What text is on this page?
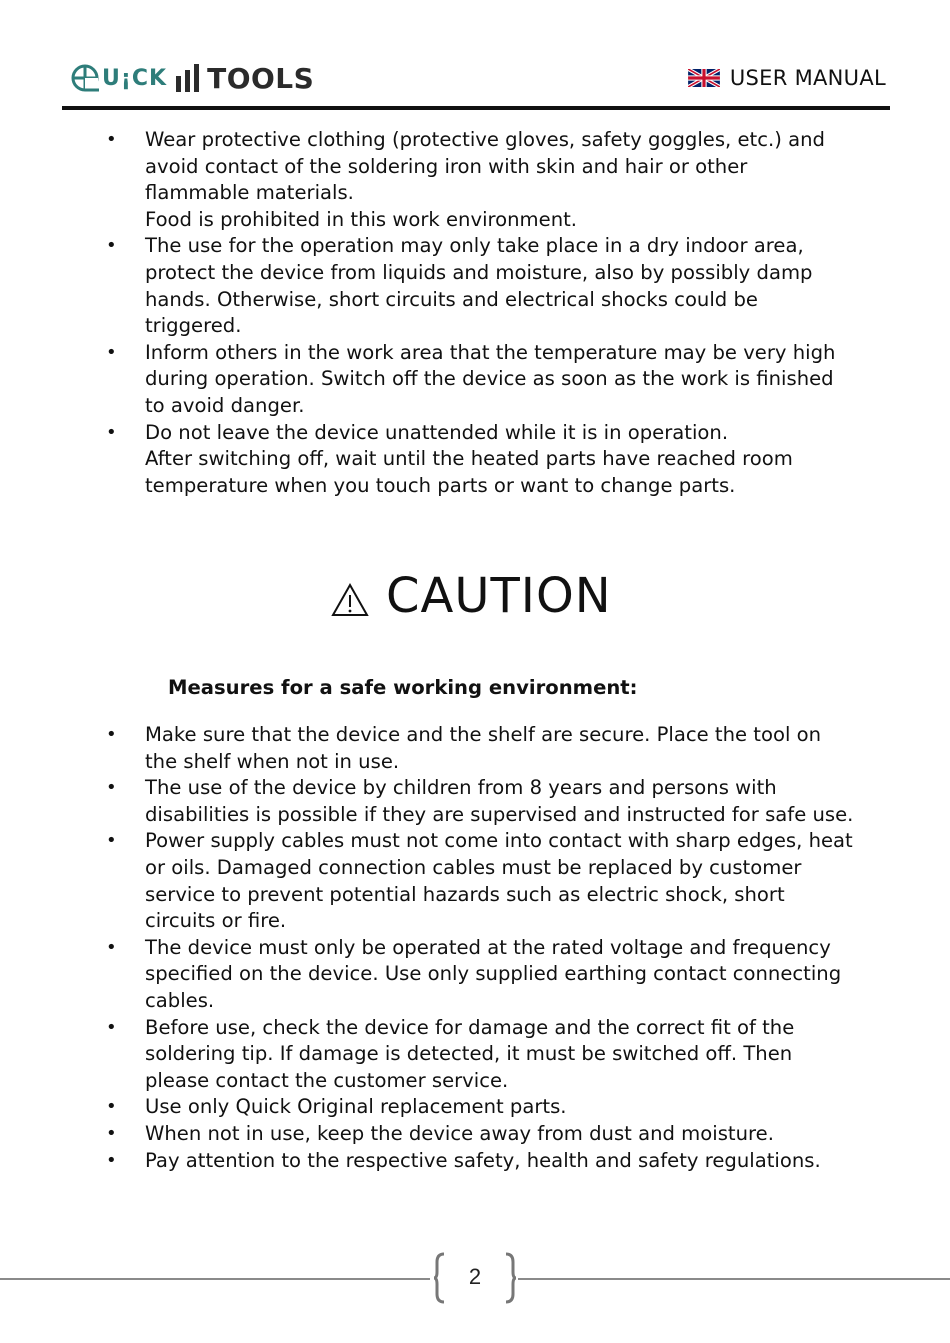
U¡CK TOOLS	USER MANUAL
• Wear protective clothing (protective gloves, safety goggles, etc.) and
avoid contact of the soldering iron with skin and hair or other
flammable materials.
Food is prohibited in this work environment.
• The use for the operation may only take place in a dry indoor area,
protect the device from liquids and moisture, also by possibly damp
hands. Otherwise, short circuits and electrical shocks could be
triggered.
• Inform others in the work area that the temperature may be very high
during operation. Switch off the device as soon as the work is finished
to avoid danger.
• Do not leave the device unattended while it is in operation.
After switching off, wait until the heated parts have reached room
temperature when you touch parts or want to change parts.
CAUTION
Measures for a safe working environment:
• Make sure that the device and the shelf are secure. Place the tool on
the shelf when not in use.
• The use of the device by children from 8 years and persons with
disabilities is possible if they are supervised and instructed for safe use.
• Power supply cables must not come into contact with sharp edges, heat
or oils. Damaged connection cables must be replaced by customer
service to prevent potential hazards such as electric shock, short
circuits or fire.
• The device must only be operated at the rated voltage and frequency
specified on the device. Use only supplied earthing contact connecting
cables.
• Before use, check the device for damage and the correct fit of the
soldering tip. If damage is detected, it must be switched off. Then
please contact the customer service.
• Use only Quick Original replacement parts.
• When not in use, keep the device away from dust and moisture.
• Pay attention to the respective safety, health and safety regulations.
2
